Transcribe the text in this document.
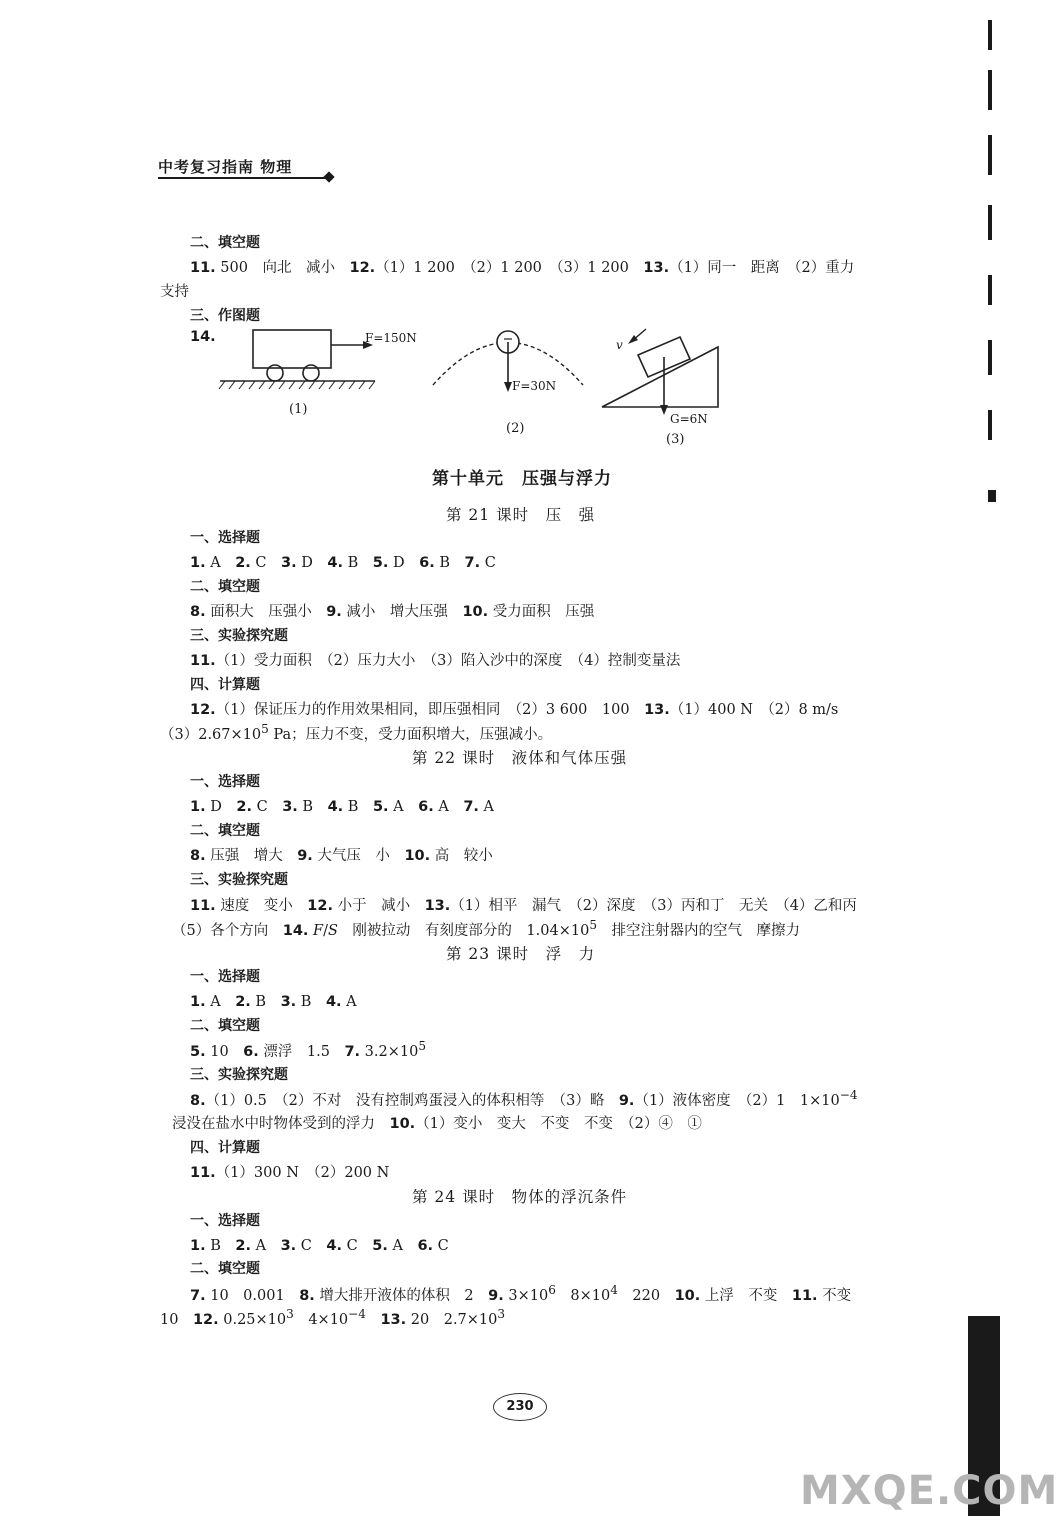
中考复习指南 物理
二、填空题
11. 500　向北　减小　12.（1）1 200　（2）1 200　（3）1 200　13.（1）同一　距离　（2）重力
支持
三、作图题
14.	F=150N
(1)
F=30N
(2)
v
G=6N
(3)
第十单元　压强与浮力
第 21 课时　压　强
一、选择题
1. A　2. C　3. D　4. B　5. D　6. B　7. C
二、填空题
8. 面积大　压强小　9. 减小　增大压强　10. 受力面积　压强
三、实验探究题
11.（1）受力面积　（2）压力大小　（3）陷入沙中的深度　（4）控制变量法
四、计算题
12.（1）保证压力的作用效果相同，即压强相同　（2）3 600　100　13.（1）400 N　（2）8 m/s
$(3)2.67\times 10^5$ Pa；压力不变，受力面积增大，压强减小。
第 22 课时　液体和气体压强
一、选择题
1. D　2. C　3. B　4. B　5. A　6. A　7. A
二、填空题
8. 压强　增大　9. 大气压　小　10. 高　较小
三、实验探究题
11. 速度　变小　12. 小于　减小　13.（1）相平　漏气　（2）深度　（3）丙和丁　无关　（4）乙和丙
（5）各个方向　14. F/S　刚被拉动　有刻度部分的　$1.04\times 10^5$　排空注射器内的空气　摩擦力
第 23 课时　浮　力
一、选择题
1. A　2. B　3. B　4. A
二、填空题
5. 10　6. 漂浮　1.5　7. $3.2\times 10^5$
三、实验探究题
8.（1）0.5　（2）不对　没有控制鸡蛋浸入的体积相等　（3）略　9.（1）液体密度　（2）1　$1\times 10^{-4}$
浸没在盐水中时物体受到的浮力　10.（1）变小　变大　不变　不变　（2）④　①
四、计算题
11.（1）300 N　（2）200 N
第 24 课时　物体的浮沉条件
一、选择题
1. B　2. A　3. C　4. C　5. A　6. C
二、填空题
7. 10　0.001　8. 增大排开液体的体积　2　9. $3\times 10^6$　$8\times 10^4$　220　10. 上浮　不变　11. 不变
10　12. $0.25\times 10^3$　$4\times 10^{-4}$　 13. 20　$2.7\times 10^3$
230
MXQE.COM
